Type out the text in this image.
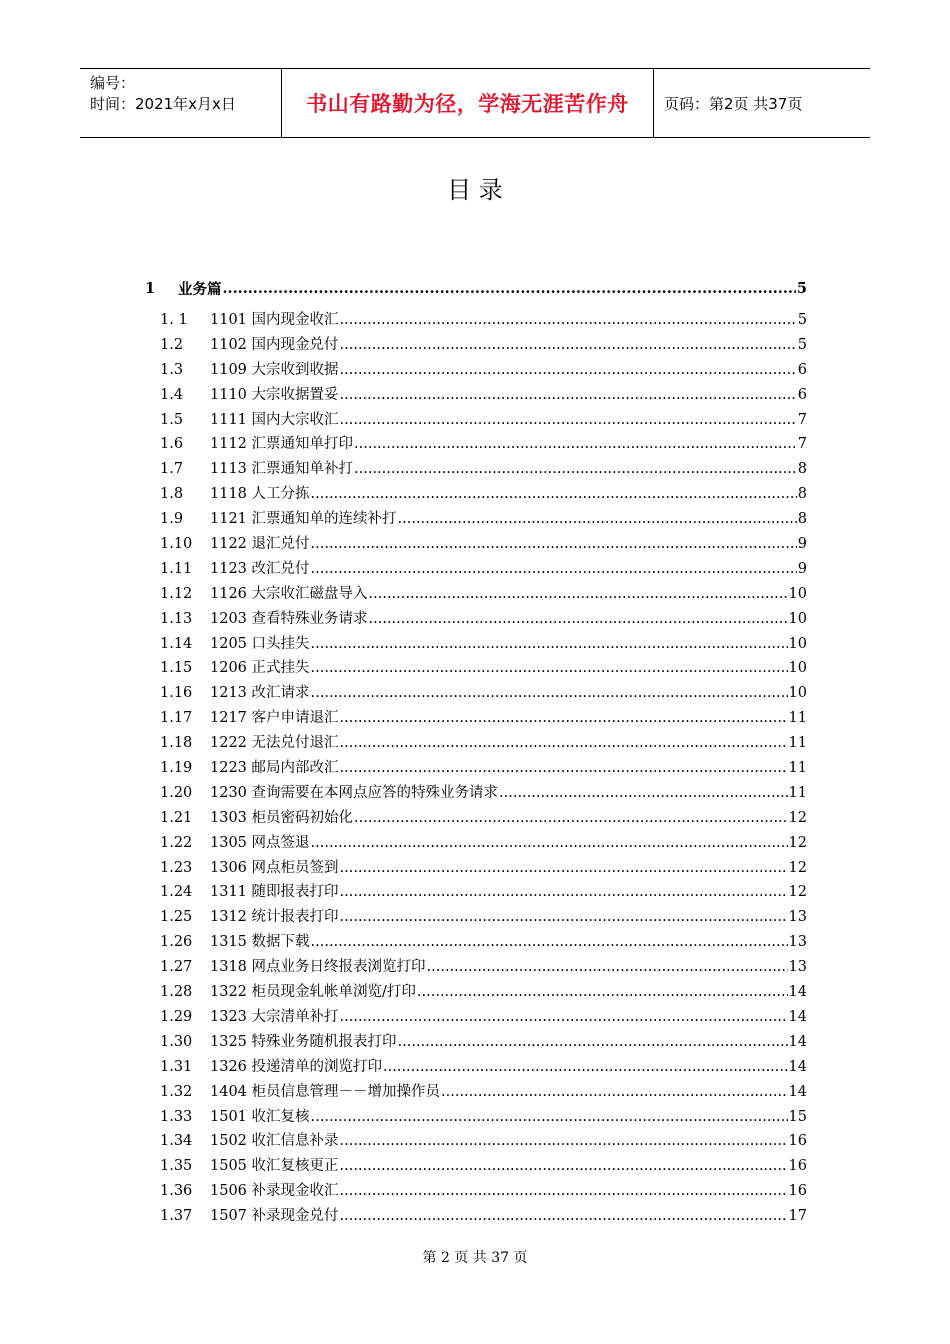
编号：
时间：2021年x月x日	书山有路勤为径，学海无涯苦作舟	页码：第2页 共37页
目 录
1	业务篇 .....	5
1. 1	1101 国内现金收汇 .....	5
1.2	1102 国内现金兑付 .....	5
1.3	1109 大宗收到收据 .....	6
1.4	1110 大宗收据置妥 .....	6
1.5	1111 国内大宗收汇 .....	7
1.6	1112 汇票通知单打印 .....	7
1.7	1113 汇票通知单补打 .....	8
1.8	1118 人工分拣 .....	8
1.9	1121 汇票通知单的连续补打 .....	8
1.10	1122 退汇兑付 .....	9
1.11	1123 改汇兑付 .....	9
1.12	1126 大宗收汇磁盘导入 .....	10
1.13	1203 查看特殊业务请求 .....	10
1.14	1205 口头挂失 .....	10
1.15	1206 正式挂失 .....	10
1.16	1213 改汇请求 .....	10
1.17	1217 客户申请退汇 .....	11
1.18	1222 无法兑付退汇 .....	11
1.19	1223 邮局内部改汇 .....	11
1.20	1230 查询需要在本网点应答的特殊业务请求 .....	11
1.21	1303 柜员密码初始化 .....	12
1.22	1305 网点签退 .....	12
1.23	1306 网点柜员签到 .....	12
1.24	1311 随即报表打印 .....	12
1.25	1312 统计报表打印 .....	13
1.26	1315 数据下载 .....	13
1.27	1318 网点业务日终报表浏览打印 .....	13
1.28	1322 柜员现金轧帐单浏览/打印 .....	14
1.29	1323 大宗清单补打 .....	14
1.30	1325 特殊业务随机报表打印 .....	14
1.31	1326 投递清单的浏览打印 .....	14
1.32	1404 柜员信息管理－－增加操作员 .....	14
1.33	1501 收汇复核 .....	15
1.34	1502 收汇信息补录 .....	16
1.35	1505 收汇复核更正 .....	16
1.36	1506 补录现金收汇 .....	16
1.37	1507 补录现金兑付 .....	17
第 2 页 共 37 页
